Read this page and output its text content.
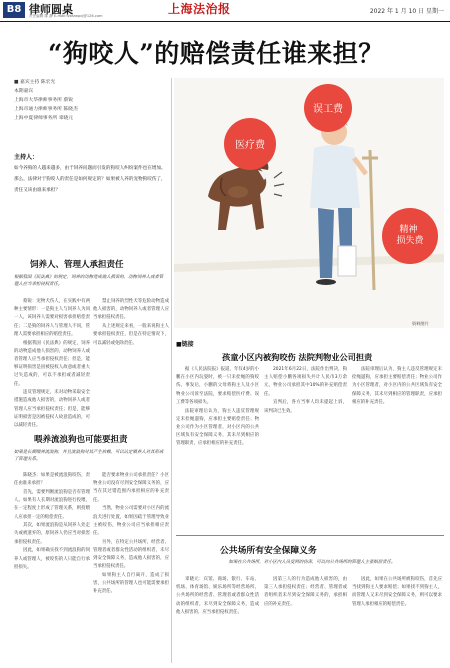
B8 律师圆桌
责任编辑 陈 静 E-mail:fzbfzwpcj@126.com	上海法治报	2022 年 1 月 10 日 星期一
“狗咬人”的赔偿责任谁来担？
■ 嘉宾主持 陈宏光
本期嘉宾
上海市大华律师事务所 蔡锐
上海市通力律师事务所 陈晓杰
上海中夏律师事务所 辜晓元
主持人：
如今养狗的人越来越多，由于饲养问题而引发的狗咬人纠纷案件也在增加。那么，法律对于狗咬人的责任是如何规定的？如果被人养的宠物狗咬伤了，责任又该由谁来承担？
饲养人、管理人承担责任
根据我国《民法典》的规定，饲养的动物造成他人损害的，动物饲养人或者管理人应当承担侵权责任。

蔡锐：宠物犬伤人，在实践中有两种主要情形：一是狗主人与饲养人为同一人，该饲养人需要对损害承担赔偿责任；二是狗的饲养人与管理人不同，管理人需要承担相应的赔偿责任。

根据我国《民法典》的规定，饲养的动物造成他人损害的，动物饲养人或者管理人应当承担侵权责任；但是，能够证明损害是因被侵权人故意或者重大过失造成的，可以不承担或者减轻责任。

违反管理规定，未对动物采取安全措施造成他人损害的，动物饲养人或者管理人应当承担侵权责任；但是，能够证明损害是因被侵权人故意造成的，可以减轻责任。

禁止饲养的烈性犬等危险动物造成他人损害的，动物饲养人或者管理人应当承担侵权责任。

从上述规定来看，一般来说狗主人要承担侵权责任，但是在特定情况下，可以减轻或免除责任。

喂养流浪狗也可能要担责
如果是长期喂养流浪狗，并且流浪狗对其产生依赖，可以认定喂养人对其形成了管理关系。

陈晓杰：如果是被流浪狗咬伤，责任由谁来承担？

首先，需要判断流浪狗是否有管理人。如果有人长期对流浪狗进行投喂，在一定程度上形成了管理关系，则投喂人应承担一定的赔偿责任。

其次，如果流浪狗是从饲养人处走失或被遗弃的，原饲养人仍应当对损害承担侵权责任。

因此，如果确实找不到流浪狗的饲养人或管理人，被咬伤的人只能自行承担损失。

能否要求物业公司承担责任？小区物业公司没有尽到安全保障义务的，应当在其过错范围内承担相应的补充责任。

当然，物业公司需要对小区内的流浪犬进行处置，如果因疏于管理导致业主被咬伤，物业公司应当承担相应责任。

另外，在特定公共场所，经营者、管理者或者群众性活动的组织者，未尽到安全保障义务，造成他人损害的，应当承担侵权责任。

如果狗主人自行离开，造成了损害，公共场所的管理人也可能需要承担补充责任。

医疗费
误工费
精神 损失费
资料图片
■链接
孩童小区内被狗咬伤 法院判物业公司担责

据《人民法院报》报道，年仅4岁的小鹏在小区内玩耍时，被一只未拴绳的狗咬伤。事发后，小鹏的父母将狗主人及小区物业公司诉至法院，要求赔偿医疗费、误工费等各项损失。

法院审理后认为，狗主人违反管理规定未拴绳遛狗，应承担主要赔偿责任；物业公司作为小区管理者，对小区内的公共区域负有安全保障义务，其未尽到相应的管理职责，应承担相应的补充责任。

2021年6月22日，法院作出判决，狗主人赔偿小鹏各项损失共计人民币3万余元，物业公司承担其中10%的补充赔偿责任。

宣判后，各方当事人均未提起上诉，该判决已生效。

法院审理后认为，狗主人违反管理规定未拴绳遛狗，应承担主要赔偿责任；物业公司作为小区管理者，对小区内的公共区域负有安全保障义务，其未尽到相应的管理职责，应承担相应的补充责任。

公共场所有安全保障义务
如果在公共场所，对小区内人员受到的伤害，可以向公共场所的管理人主张赔偿责任。

辜晓元：宾馆、商场、银行、车站、机场、体育场馆、娱乐场所等经营场所、公共场所的经营者、管理者或者群众性活动的组织者，未尽到安全保障义务，造成他人损害的，应当承担侵权责任。

因第三人的行为造成他人损害的，由第三人承担侵权责任；经营者、管理者或者组织者未尽到安全保障义务的，承担相应的补充责任。

因此，如果在公共场所被狗咬伤，首先应当找到狗主人要求赔偿；如果找不到狗主人，而管理人又未尽到安全保障义务，则可以要求管理人承担相应的赔偿责任。
